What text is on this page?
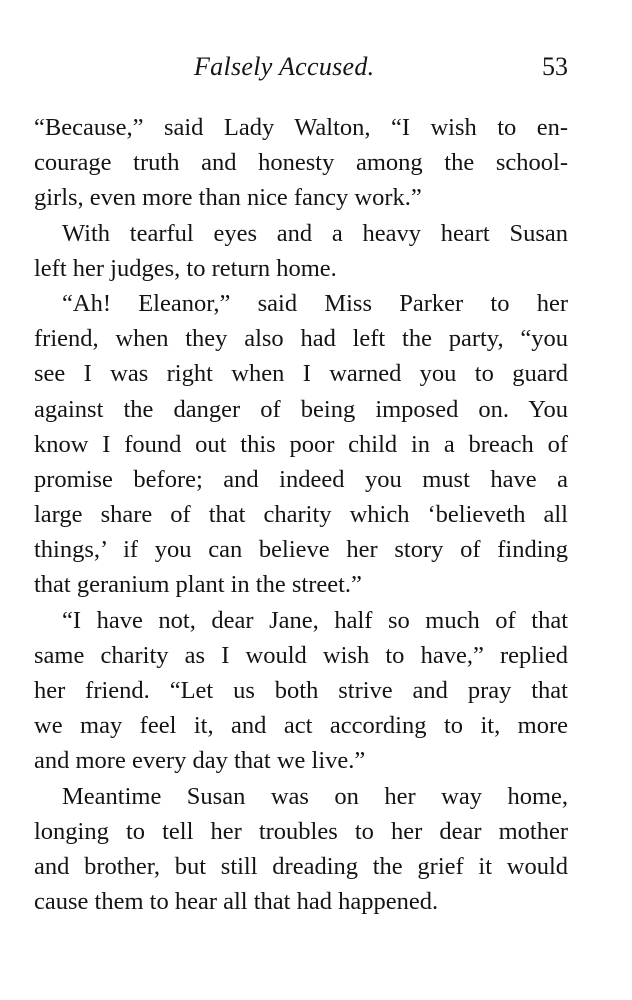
Falsely Accused.	53
“Because,” said Lady Walton, “I wish to en-
courage truth and honesty among the school-
girls, even more than nice fancy work.”
With tearful eyes and a heavy heart Susan
left her judges, to return home.
“Ah! Eleanor,” said Miss Parker to her
friend, when they also had left the party, “you
see I was right when I warned you to guard
against the danger of being imposed on. You
know I found out this poor child in a breach of
promise before; and indeed you must have a
large share of that charity which ‘believeth all
things,’ if you can believe her story of finding
that geranium plant in the street.”
“I have not, dear Jane, half so much of that
same charity as I would wish to have,” replied
her friend. “Let us both strive and pray that
we may feel it, and act according to it, more
and more every day that we live.”
Meantime Susan was on her way home,
longing to tell her troubles to her dear mother
and brother, but still dreading the grief it would
cause them to hear all that had happened.
